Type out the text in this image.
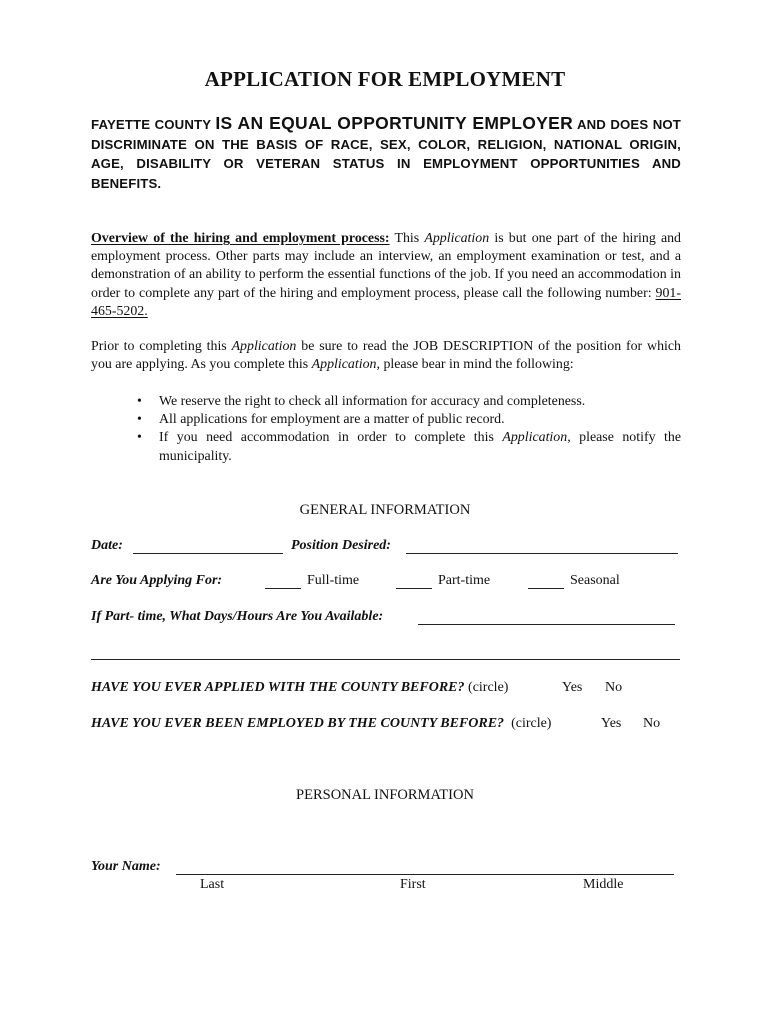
APPLICATION FOR EMPLOYMENT
FAYETTE COUNTY IS AN EQUAL OPPORTUNITY EMPLOYER AND DOES NOT DISCRIMINATE ON THE BASIS OF RACE, SEX, COLOR, RELIGION, NATIONAL ORIGIN, AGE, DISABILITY OR VETERAN STATUS IN EMPLOYMENT OPPORTUNITIES AND BENEFITS.
Overview of the hiring and employment process: This Application is but one part of the hiring and employment process. Other parts may include an interview, an employment examination or test, and a demonstration of an ability to perform the essential functions of the job. If you need an accommodation in order to complete any part of the hiring and employment process, please call the following number: 901-465-5202.
Prior to completing this Application be sure to read the JOB DESCRIPTION of the position for which you are applying. As you complete this Application, please bear in mind the following:
• We reserve the right to check all information for accuracy and completeness.
• All applications for employment are a matter of public record.
• If you need accommodation in order to complete this Application, please notify the municipality.
GENERAL INFORMATION
Date:	Position Desired:
Are You Applying For:	Full-time	Part-time	Seasonal
If Part- time, What Days/Hours Are You Available:
HAVE YOU EVER APPLIED WITH THE COUNTY BEFORE? (circle)	Yes No
HAVE YOU EVER BEEN EMPLOYED BY THE COUNTY BEFORE? (circle)	Yes No
PERSONAL INFORMATION
Your Name:
Last	First	Middle
